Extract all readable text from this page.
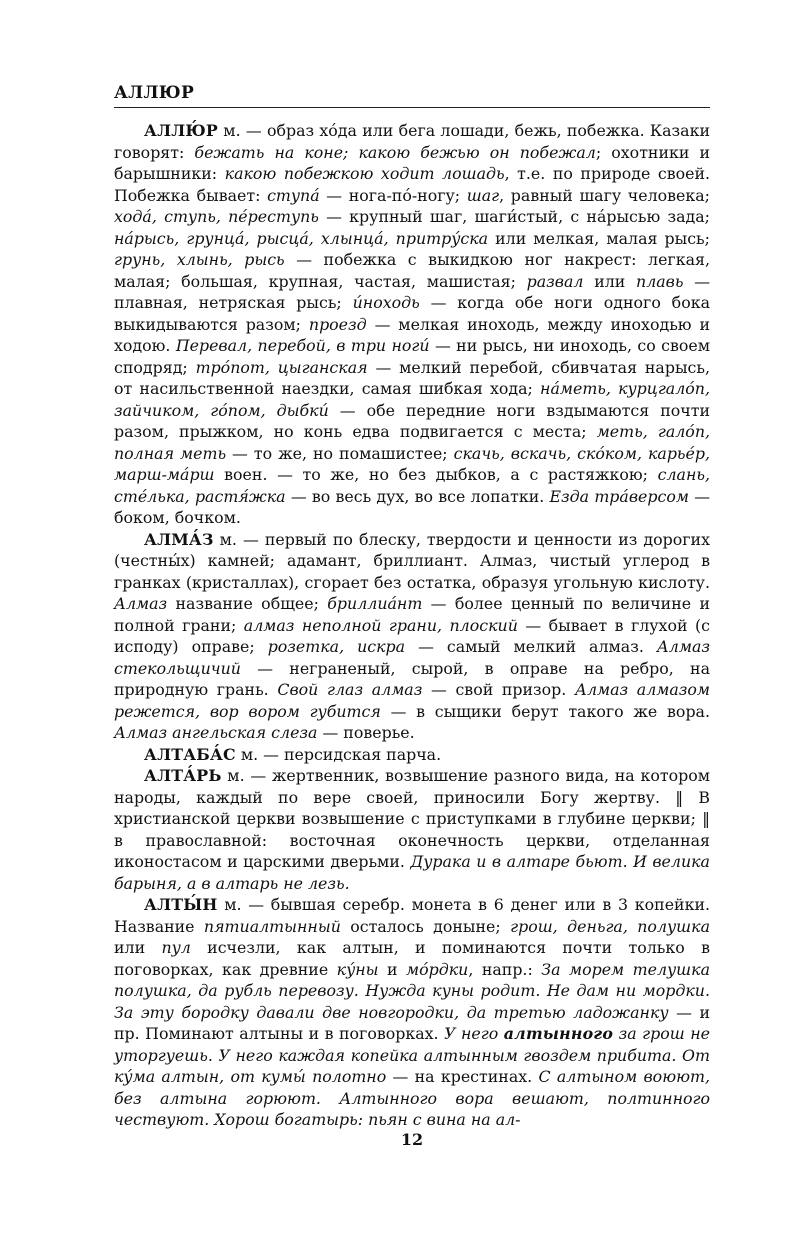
АЛЛЮР

АЛЛЮ́Р м. — образ хо́да или бега лошади, бежь, побежка. Казаки говорят: бежать на коне; какою бежью он побежал; охотники и барышники: какою побежкою ходит лошадь, т.е. по природе своей. Побежка бывает: ступа́ — нога-по́-ногу; шаг, равный шагу человека; хода́, ступь, пе́реступь — крупный шаг, шаги́стый, с на́рысью зада; на́рысь, грунца́, рысца́, хлынца́, притру́ска или мелкая, малая рысь; грунь, хлынь, рысь — побежка с выкидкою ног накрест: легкая, малая; большая, крупная, частая, машистая; развал или плавь — плавная, нетряская рысь; и́ноходь — когда обе ноги одного бока выкидываются разом; проезд — мелкая иноходь, между иноходью и ходою. Перевал, перебой, в три ноги́ — ни рысь, ни иноходь, со своем сподряд; тро́пот, цыганская — мелкий перебой, сбивчатая нарысь, от насильственной наездки, самая шибкая хода; на́меть, курцгало́п, зайчиком, го́пом, дыбки́ — обе передние ноги вздымаются почти разом, прыжком, но конь едва подвигается с места; меть, гало́п, полная меть — то же, но помашистее; скачь, вскачь, ско́ком, карье́р, марш-ма́рш воен. — то же, но без дыбков, а с растяжкою; слань, сте́лька, растя́жка — во весь дух, во все лопатки. Езда тра́версом — боком, бочком.

АЛМА́З м. — первый по блеску, твердости и ценности из дорогих (честны́х) камней; адамант, бриллиант. Алмаз, чистый углерод в гранках (кристаллах), сгорает без остатка, образуя угольную кислоту. Алмаз название общее; бриллиа́нт — более ценный по величине и полной грани; алмаз неполной грани, плоский — бывает в глухой (с исподу) оправе; розетка, искра — самый мелкий алмаз. Алмаз стекольщичий — неграненый, сырой, в оправе на ребро, на природную грань. Свой глаз алмаз — свой призор. Алмаз алмазом режется, вор вором губится — в сыщики берут такого же вора. Алмаз ангельская слеза — поверье.

АЛТАБА́С м. — персидская парча.

АЛТА́РЬ м. — жертвенник, возвышение разного вида, на котором народы, каждый по вере своей, приносили Богу жертву. ‖ В христианской церкви возвышение с приступками в глубине церкви; ‖ в православной: восточная оконечность церкви, отделанная иконостасом и царскими дверьми. Дурака и в алтаре бьют. И велика барыня, а в алтарь не лезь.

АЛТЫ́Н м. — бывшая серебр. монета в 6 денег или в 3 копейки. Название пятиалтынный осталось доныне; грош, деньга, полушка или пул исчезли, как алтын, и поминаются почти только в поговорках, как древние ку́ны и мо́рдки, напр.: За морем телушка полушка, да рубль перевозу. Нужда куны родит. Не дам ни мордки. За эту бородку давали две новгородки, да третью ладожанку — и пр. Поминают алтыны и в поговорках. У него алтынного за грош не уторгуешь. У него каждая копейка алтынным гвоздем прибита. От ку́ма алтын, от кумы́ полотно — на крестинах. С алтыном воюют, без алтына горюют. Алтынного вора вешают, полтинного чествуют. Хорош богатырь: пьян с вина на ал-

12
